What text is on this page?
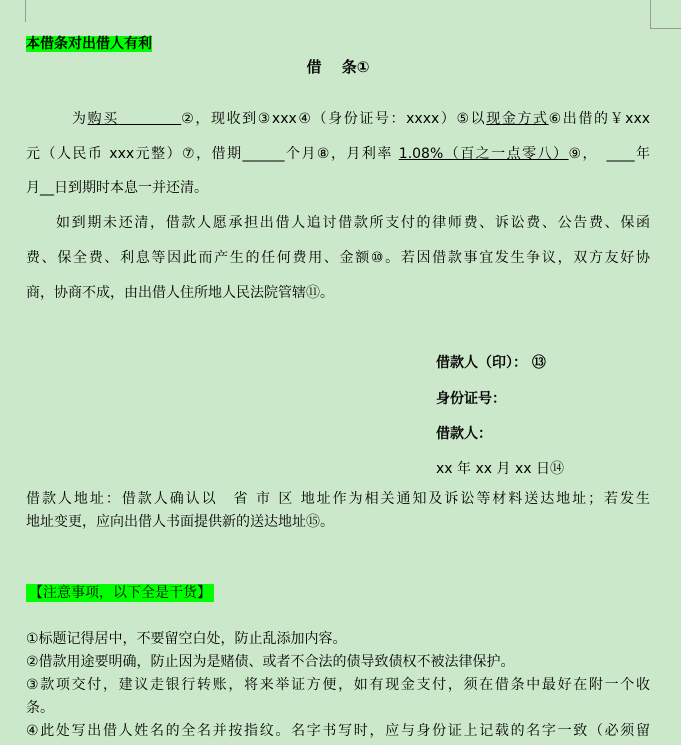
本借条对出借人有利
借　 条①
为购买　　　　②，现收到③xxx④（身份证号：xxxx）⑤以现金方式⑥出借的￥xxx
元（人民币 xxx元整）⑦，借期______个月⑧，月利率 1.08%（百之一点零八）⑨，　____年
月__日到期时本息一并还清。
如到期未还清，借款人愿承担出借人追讨借款所支付的律师费、诉讼费、公告费、保函
费、保全费、利息等因此而产生的任何费用、金额⑩。若因借款事宜发生争议，双方友好协
商，协商不成，由出借人住所地人民法院管辖⑪。
借款人（印）： ⑬
身份证号：
借款人：
xx 年 xx 月 xx 日⑭
借款人地址：借款人确认以　省 市 区 地址作为相关通知及诉讼等材料送达地址；若发生
地址变更，应向出借人书面提供新的送达地址⑮。
【注意事项，以下全是干货】
①标题记得居中，不要留空白处，防止乱添加内容。
②借款用途要明确，防止因为是赌债、或者不合法的债导致债权不被法律保护。
③款项交付，建议走银行转账，将来举证方便，如有现金支付，须在借条中最好在附一个收
条。
④此处写出借人姓名的全名并按指纹。名字书写时，应与身份证上记载的名字一致（必须留
